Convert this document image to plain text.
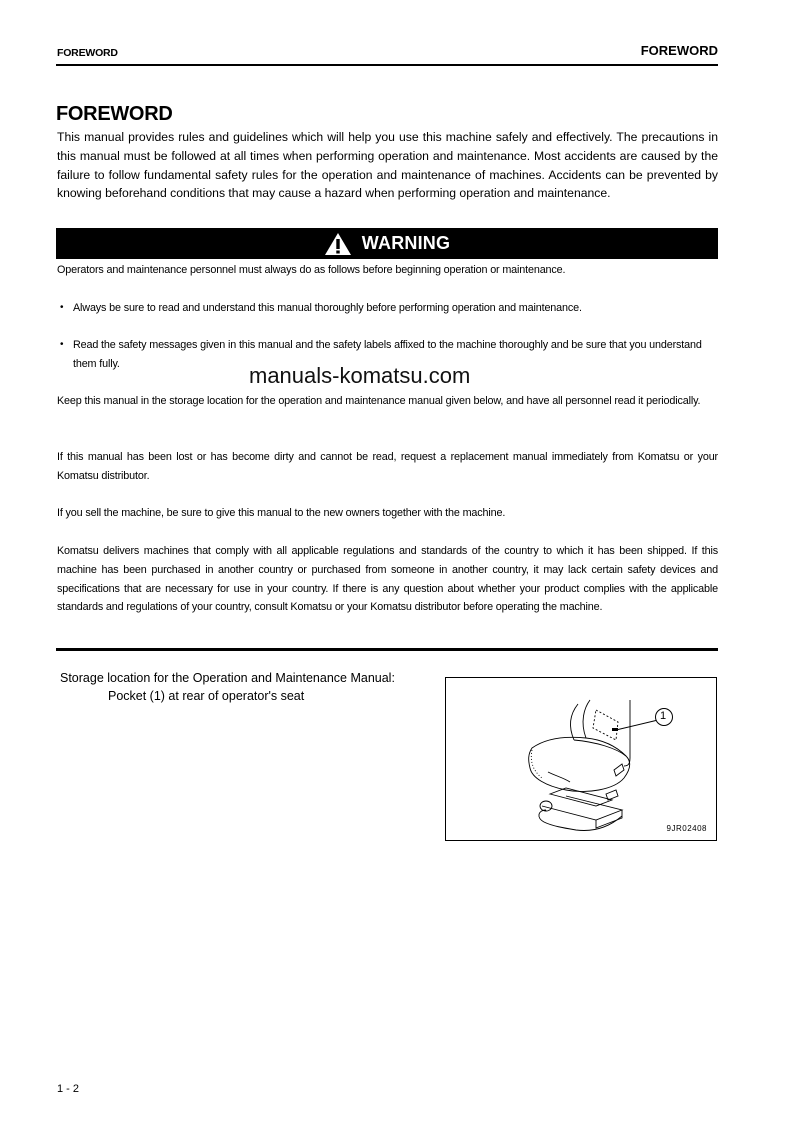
FOREWORD	FOREWORD
FOREWORD
This manual provides rules and guidelines which will help you use this machine safely and effectively. The precautions in this manual must be followed at all times when performing operation and maintenance. Most accidents are caused by the failure to follow fundamental safety rules for the operation and maintenance of machines. Accidents can be prevented by knowing beforehand conditions that may cause a hazard when performing operation and maintenance.
WARNING
Operators and maintenance personnel must always do as follows before beginning operation or maintenance.
• Always be sure to read and understand this manual thoroughly before performing operation and maintenance.
• Read the safety messages given in this manual and the safety labels affixed to the machine thoroughly and be sure that you understand them fully.	manuals-komatsu.com
Keep this manual in the storage location for the operation and maintenance manual given below, and have all personnel read it periodically.
If this manual has been lost or has become dirty and cannot be read, request a replacement manual immediately from Komatsu or your Komatsu distributor.
If you sell the machine, be sure to give this manual to the new owners together with the machine.
Komatsu delivers machines that comply with all applicable regulations and standards of the country to which it has been shipped. If this machine has been purchased in another country or purchased from someone in another country, it may lack certain safety devices and specifications that are necessary for use in your country. If there is any question about whether your product complies with the applicable standards and regulations of your country, consult Komatsu or your Komatsu distributor before operating the machine.
Storage location for the Operation and Maintenance Manual:
Pocket (1) at rear of operator's seat
1
9JR02408
1 - 2
